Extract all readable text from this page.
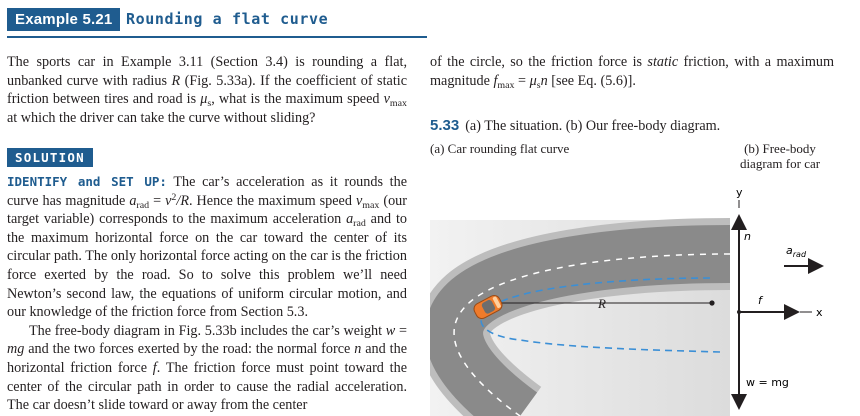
Example 5.21 Rounding a flat curve
The sports car in Example 3.11 (Section 3.4) is rounding a flat, unbanked curve with radius R (Fig. 5.33a). If the coefficient of static friction between tires and road is $\mu_s$, what is the maximum speed $v_{max}$ at which the driver can take the curve without sliding?
SOLUTION
IDENTIFY and SET UP: The car’s acceleration as it rounds the curve has magnitude $a_{rad} = v^2/R$. Hence the maximum speed $v_{max}$ (our target variable) corresponds to the maximum acceleration $a_{rad}$ and to the maximum horizontal force on the car toward the center of its circular path. The only horizontal force acting on the car is the friction force exerted by the road. So to solve this problem we’ll need Newton’s second law, the equations of uniform circular motion, and our knowledge of the friction force from Section 5.3.
The free-body diagram in Fig. 5.33b includes the car’s weight w = mg and the two forces exerted by the road: the normal force n and the horizontal friction force f. The friction force must point toward the center of the circular path in order to cause the radial acceleration. The car doesn’t slide toward or away from the center
of the circle, so the friction force is static friction, with a maximum magnitude $f_{max} = \mu_sn$ [see Eq. (5.6)].
5.33 (a) The situation. (b) Our free-body diagram.
(a) Car rounding flat curve	(b) Free-body diagram for car
R
y
n
w = mg
f
x
$a_{rad}$
